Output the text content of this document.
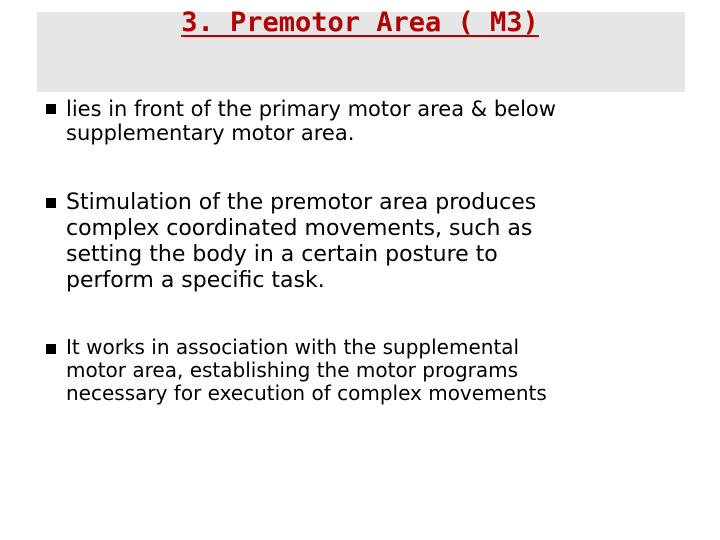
3. Premotor Area ( M3)

lies in front of the primary motor area & below
supplementary motor area.

Stimulation of the premotor area produces
complex coordinated movements, such as
setting the body in a certain posture to
perform a specific task.

It works in association with the supplemental
motor area, establishing the motor programs
necessary for execution of complex movements
